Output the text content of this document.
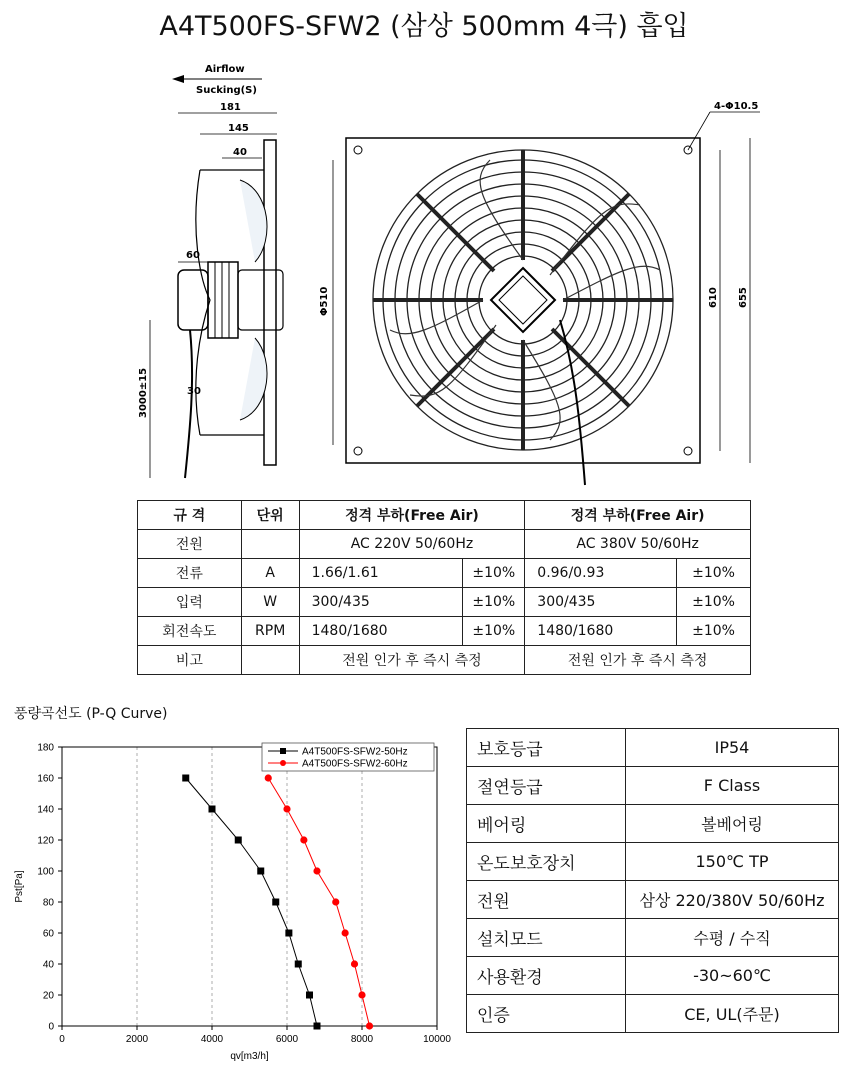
A4T500FS-SFW2 (삼상 500mm 4극) 흡입
Airflow
Sucking(S)
181
145
40
60
30
3000±15
Φ510	610 655
4-Φ10.5
규 격	단위	정격 부하(Free Air)		정격 부하(Free Air)	
전원		AC 220V 50/60Hz		AC 380V 50/60Hz	
전류	A	1.66/1.61	±10%	0.96/0.93	±10%
입력	W	300/435	±10%	300/435	±10%
회전속도	RPM	1480/1680	±10%	1480/1680	±10%
비고		전원 인가 후 즉시 측정		전원 인가 후 즉시 측정	
풍량곡선도 (P-Q Curve)
0	2000	4000	6000	8000	10000
0
20
40
60
80
100
120
140
160
180
qv[m3/h]
Pst[Pa]
A4T500FS-SFW2-50Hz
A4T500FS-SFW2-60Hz
보호등급	IP54
절연등급	F Class
베어링	볼베어링
온도보호장치	150℃ TP
전원	삼상 220/380V 50/60Hz
설치모드	수평 / 수직
사용환경	-30~60℃
인증	CE, UL(주문)
